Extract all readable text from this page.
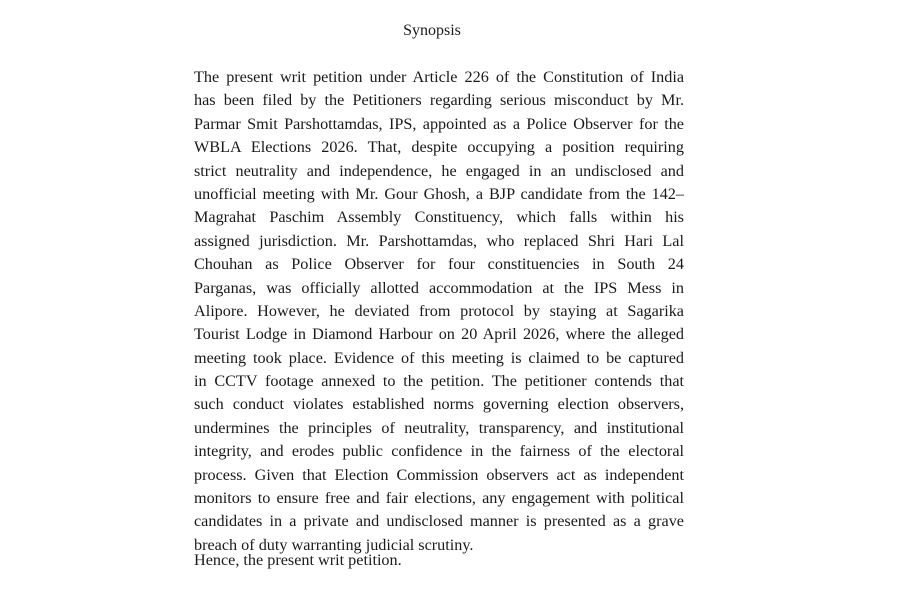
Synopsis
The present writ petition under Article 226 of the Constitution of India
has been filed by the Petitioners regarding serious misconduct by Mr.
Parmar Smit Parshottamdas, IPS, appointed as a Police Observer for the
WBLA Elections 2026. That, despite occupying a position requiring
strict neutrality and independence, he engaged in an undisclosed and
unofficial meeting with Mr. Gour Ghosh, a BJP candidate from the 142–
Magrahat Paschim Assembly Constituency, which falls within his
assigned jurisdiction. Mr. Parshottamdas, who replaced Shri Hari Lal
Chouhan as Police Observer for four constituencies in South 24
Parganas, was officially allotted accommodation at the IPS Mess in
Alipore. However, he deviated from protocol by staying at Sagarika
Tourist Lodge in Diamond Harbour on 20 April 2026, where the alleged
meeting took place. Evidence of this meeting is claimed to be captured
in CCTV footage annexed to the petition. The petitioner contends that
such conduct violates established norms governing election observers,
undermines the principles of neutrality, transparency, and institutional
integrity, and erodes public confidence in the fairness of the electoral
process. Given that Election Commission observers act as independent
monitors to ensure free and fair elections, any engagement with political
candidates in a private and undisclosed manner is presented as a grave
breach of duty warranting judicial scrutiny.
Hence, the present writ petition.
